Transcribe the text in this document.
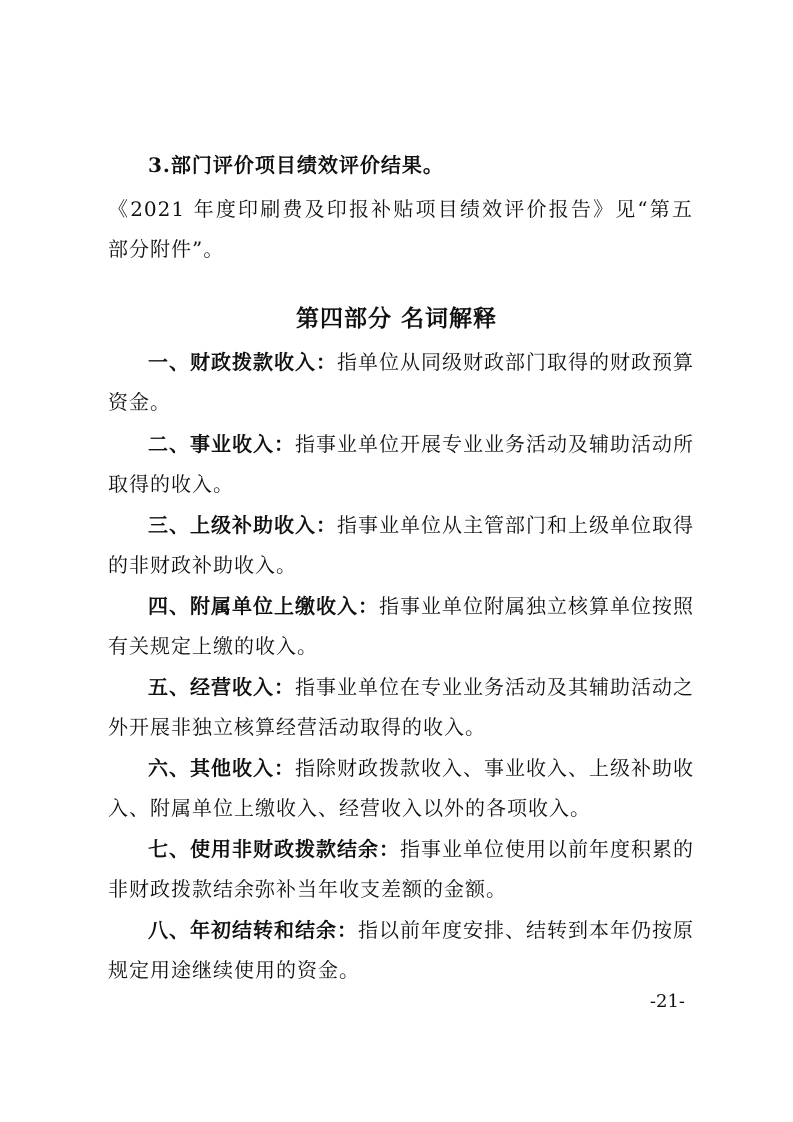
3.部门评价项目绩效评价结果。
《2021 年度印刷费及印报补贴项目绩效评价报告》见“第五
部分附件”。
第四部分 名词解释
一、财政拨款收入：指单位从同级财政部门取得的财政预算
资金。
二、事业收入：指事业单位开展专业业务活动及辅助活动所
取得的收入。
三、上级补助收入：指事业单位从主管部门和上级单位取得
的非财政补助收入。
四、附属单位上缴收入：指事业单位附属独立核算单位按照
有关规定上缴的收入。
五、经营收入：指事业单位在专业业务活动及其辅助活动之
外开展非独立核算经营活动取得的收入。
六、其他收入：指除财政拨款收入、事业收入、上级补助收
入、附属单位上缴收入、经营收入以外的各项收入。
七、使用非财政拨款结余：指事业单位使用以前年度积累的
非财政拨款结余弥补当年收支差额的金额。
八、年初结转和结余：指以前年度安排、结转到本年仍按原
规定用途继续使用的资金。
-21-
